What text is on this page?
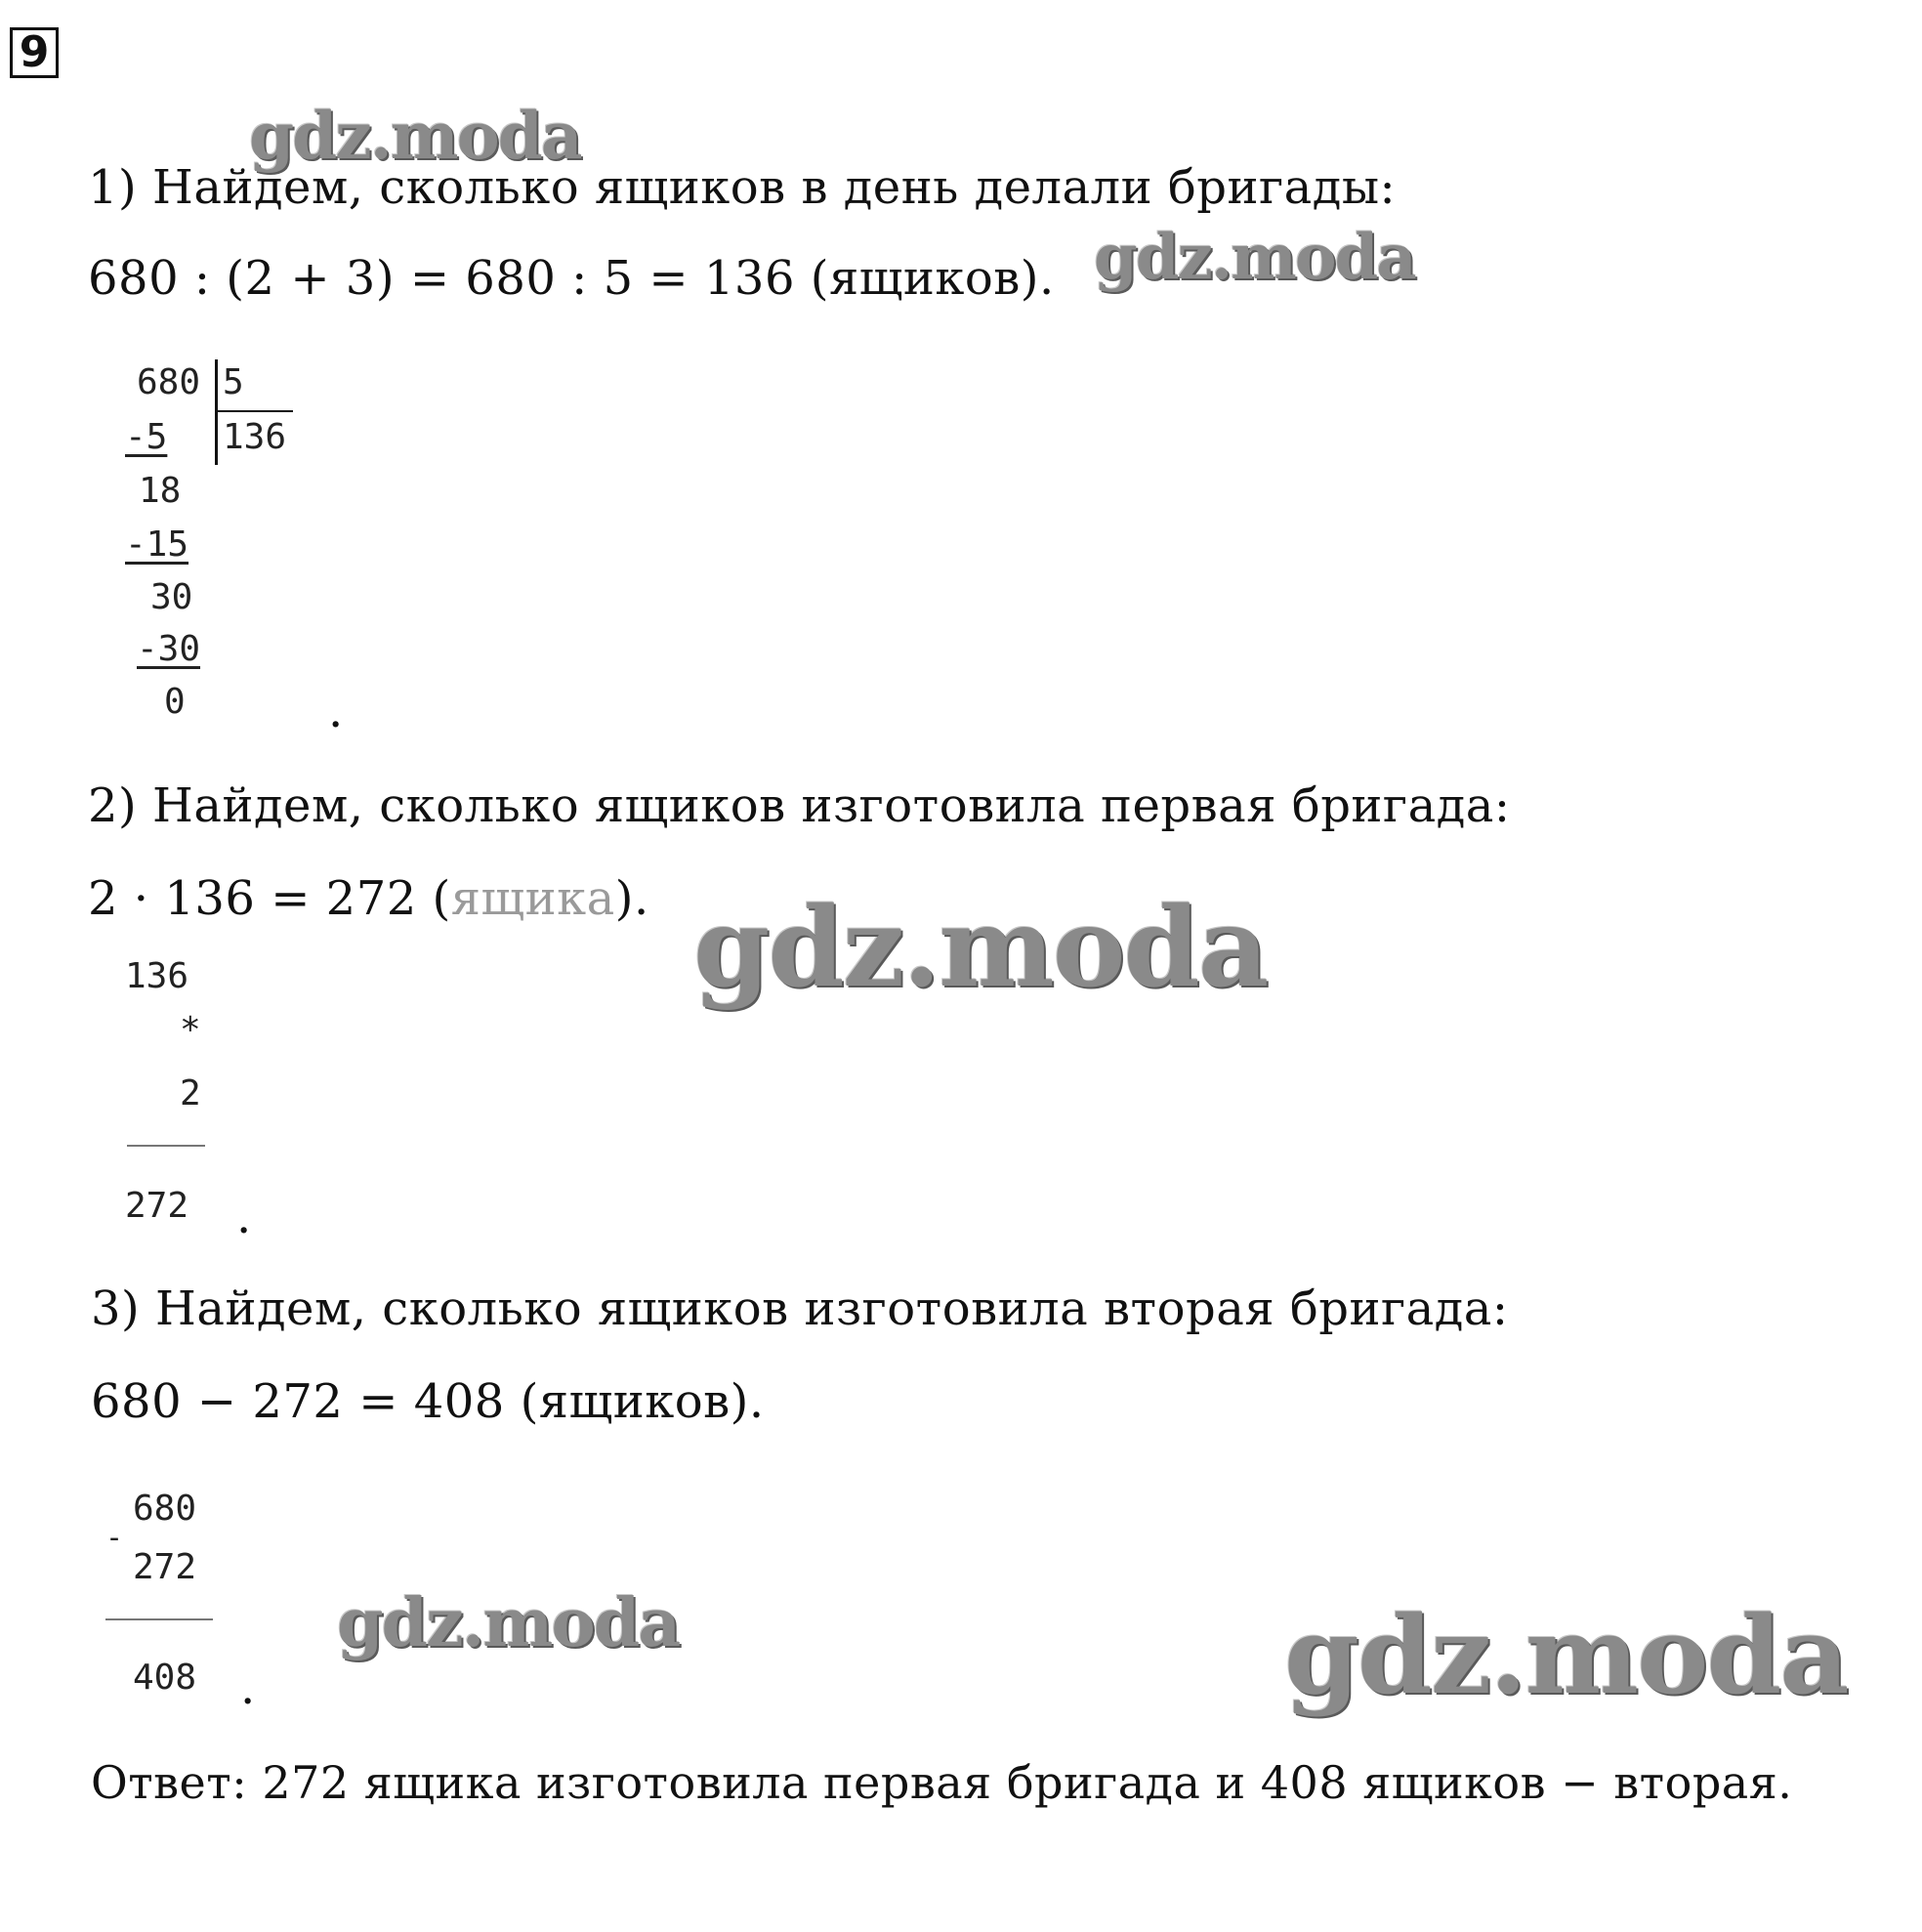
9
gdz.moda
gdz.moda
gdz.moda
gdz.moda	gdz.moda
1) Найдем, сколько ящиков в день делали бригады:
680 : (2 + 3) = 680 : 5 = 136 (ящиков).
680 5
136
-5
18
-15
30
-30
0	.
2) Найдем, сколько ящиков изготовила первая бригада:
2 · 136 = 272 (ящика).
136
*
2
272 .
3) Найдем, сколько ящиков изготовила вторая бригада:
680 − 272 = 408 (ящиков).
-
680
272
408 .
Ответ: 272 ящика изготовила первая бригада и 408 ящиков − вторая.
